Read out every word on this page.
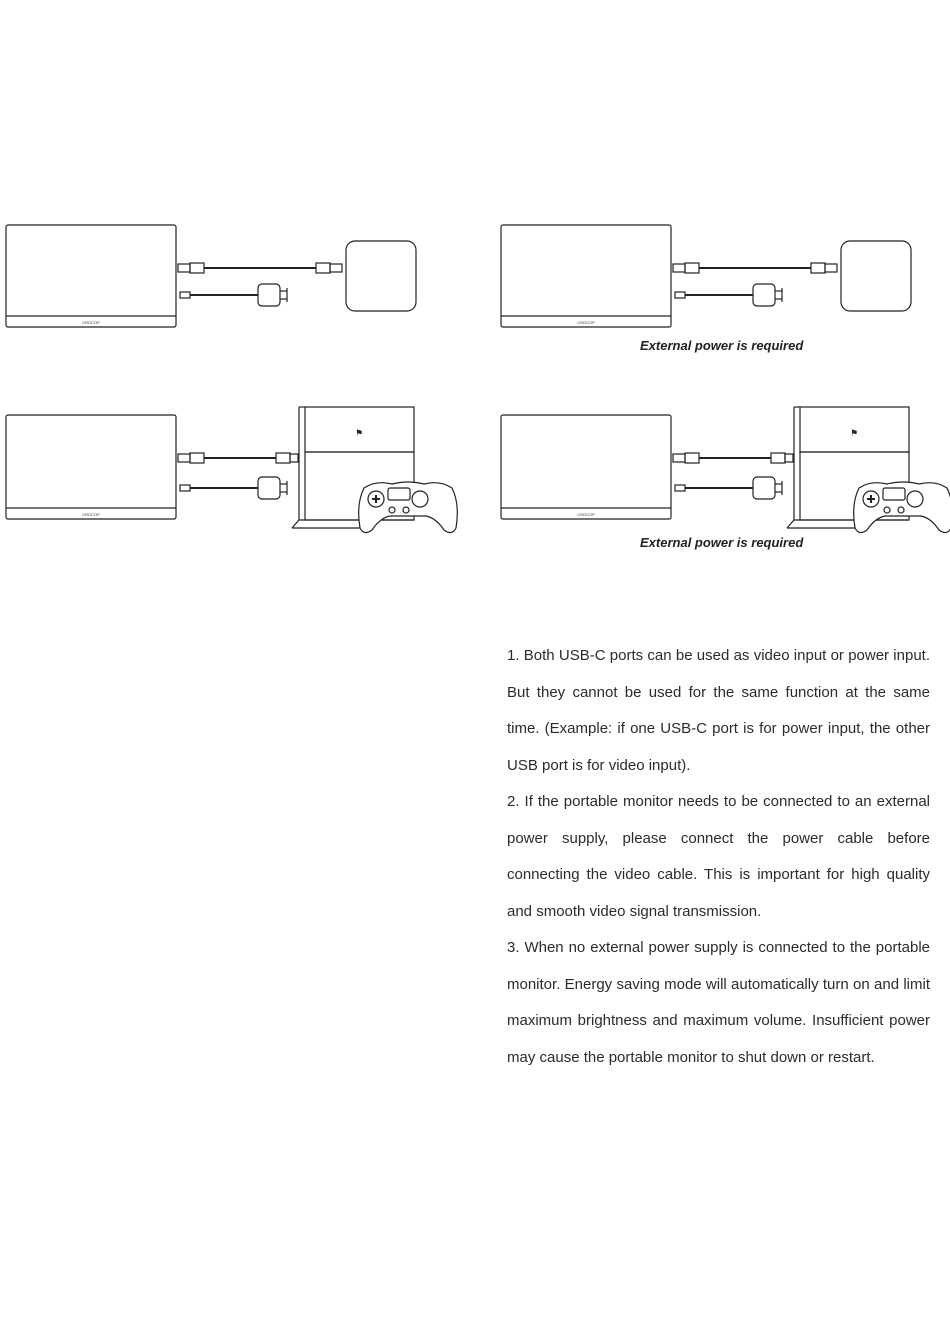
CROCOP	CROCOP
External power is required
⚑
CROCOP
⚑
CROCOP
External power is required

1. Both USB-C ports can be used as video input or power input. But they cannot be used for the same function at the same time. (Example: if one USB-C port is for power input, the other USB port is for video input).

2. If the portable monitor needs to be connected to an external power supply, please connect the power cable before connecting the video cable. This is important for high quality and smooth video signal transmission.

3. When no external power supply is connected to the portable monitor. Energy saving mode will automatically turn on and limit maximum brightness and maximum volume. Insufficient power may cause the portable monitor to shut down or restart.
